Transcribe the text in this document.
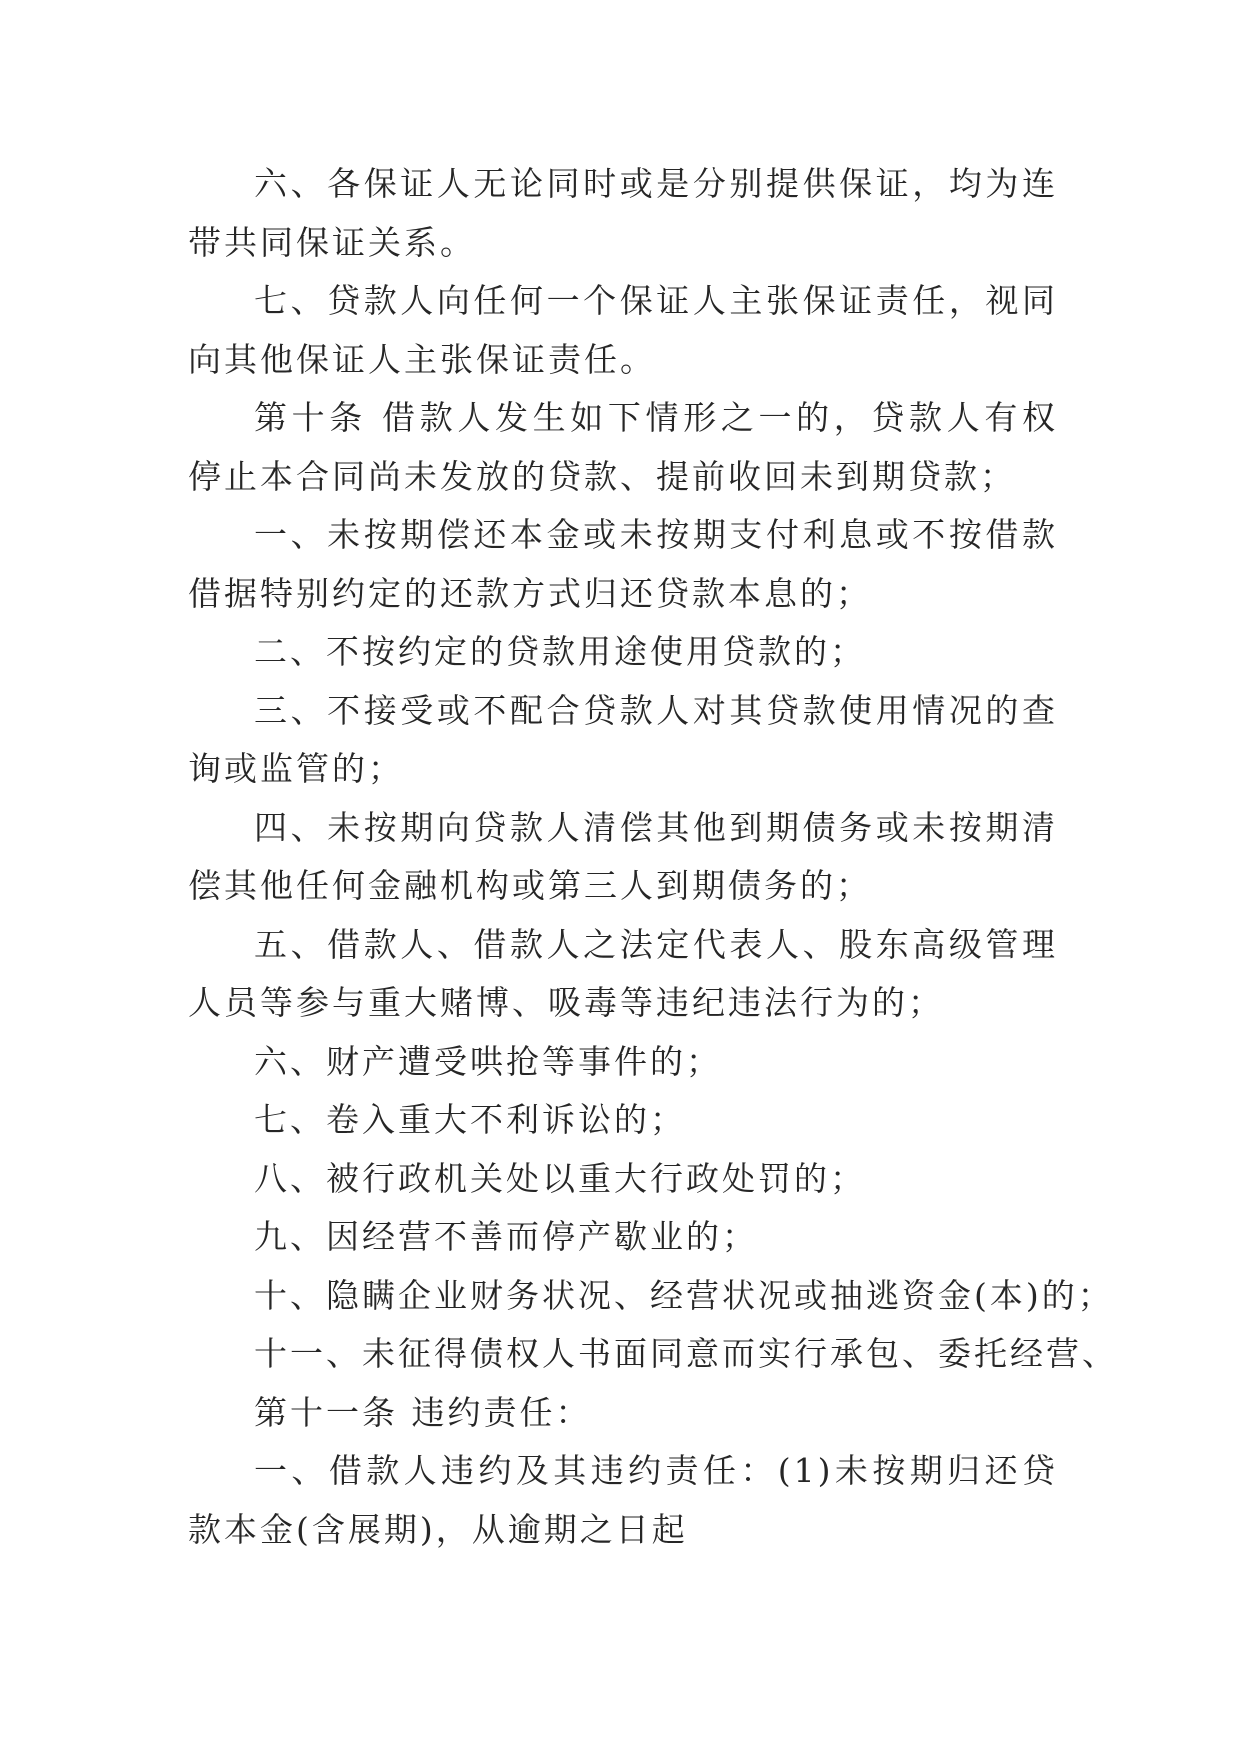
六、各保证人无论同时或是分别提供保证，均为连带共同保证关系。

七、贷款人向任何一个保证人主张保证责任，视同向其他保证人主张保证责任。

第十条 借款人发生如下情形之一的，贷款人有权停止本合同尚未发放的贷款、提前收回未到期贷款；

一、未按期偿还本金或未按期支付利息或不按借款借据特别约定的还款方式归还贷款本息的；

二、不按约定的贷款用途使用贷款的；

三、不接受或不配合贷款人对其贷款使用情况的查询或监管的；

四、未按期向贷款人清偿其他到期债务或未按期清偿其他任何金融机构或第三人到期债务的；

五、借款人、借款人之法定代表人、股东高级管理人员等参与重大赌博、吸毒等违纪违法行为的；

六、财产遭受哄抢等事件的；

七、卷入重大不利诉讼的；

八、被行政机关处以重大行政处罚的；

九、因经营不善而停产歇业的；

十、隐瞒企业财务状况、经营状况或抽逃资金(本)的；

十一、未征得债权人书面同意而实行承包、委托经营、

第十一条 违约责任：

一、借款人违约及其违约责任：(1)未按期归还贷款本金(含展期)，从逾期之日起
